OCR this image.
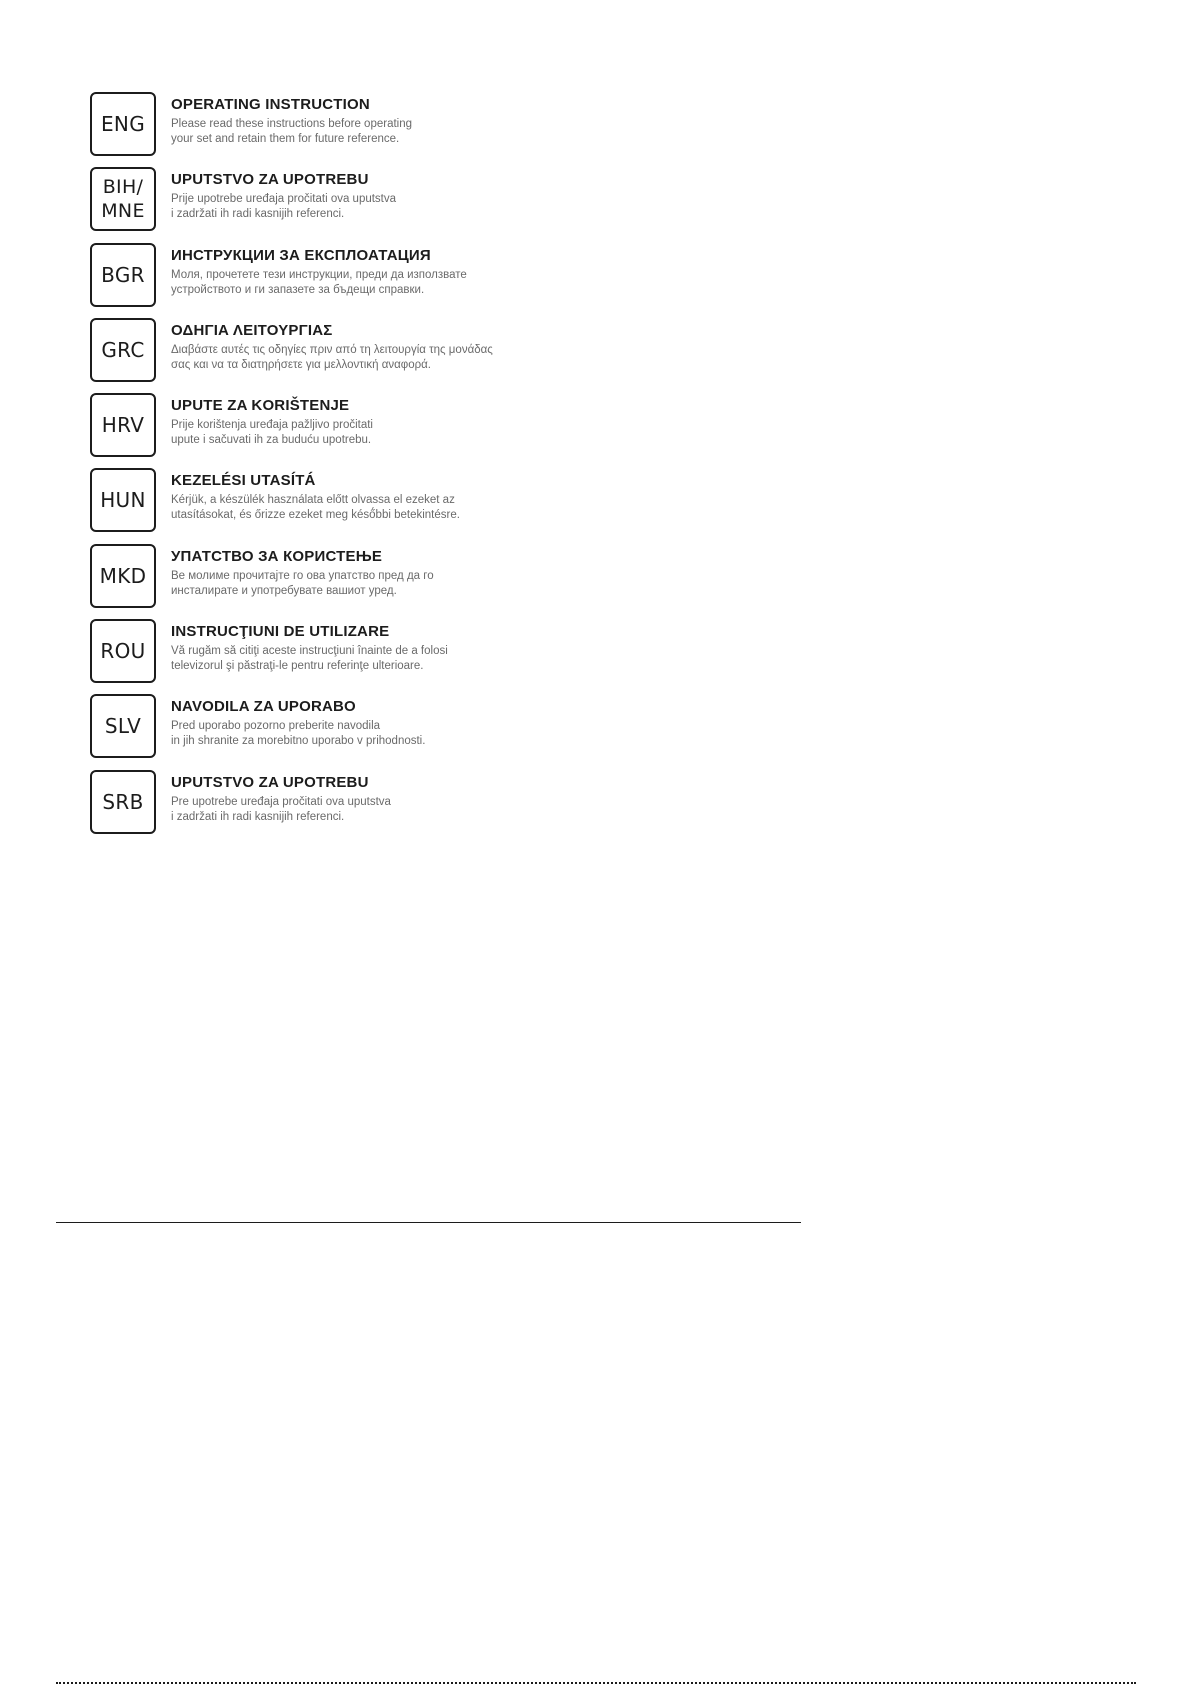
ENG
OPERATING INSTRUCTION
Please read these instructions before operating
your set and retain them for future reference.
BIH/
MNE
UPUTSTVO ZA UPOTREBU
Prije upotrebe uređaja pročitati ova uputstva
i zadržati ih radi kasnijih referenci.
BGR
ИНСТРУКЦИИ ЗА ЕКСПЛОАТАЦИЯ
Моля, прочетете тези инструкции, преди да използвате
устройството и ги запазете за бъдещи справки.
GRC
ΟΔΗΓΙΑ ΛΕΙΤΟΥΡΓΙΑΣ
Διαβάστε αυτές τις οδηγίες πριν από τη λειτουργία της μονάδας
σας και να τα διατηρήσετε για μελλοντική αναφορά.
HRV
UPUTE ZA KORIŠTENJE
Prije korištenja uređaja pažljivo pročitati
upute i sačuvati ih za buduću upotrebu.
HUN
KEZELÉSI UTASÍTÁ
Kérjük, a készülék használata előtt olvassa el ezeket az
utasításokat, és őrizze ezeket meg késő́bbi betekintésre.
MKD
УПАТСТВО ЗА КОРИСТЕЊЕ
Ве молиме прочитајте го ова упатство пред да го
инсталирате и употребувате вашиот уред.
ROU
INSTRUCŢIUNI DE UTILIZARE
Vă rugăm să citiţi aceste instrucţiuni înainte de a folosi
televizorul şi păstraţi-le pentru referinţe ulterioare.
SLV
NAVODILA ZA UPORABO
Pred uporabo pozorno preberite navodila
in jih shranite za morebitno uporabo v prihodnosti.
SRB
UPUTSTVO ZA UPOTREBU
Pre upotrebe uređaja pročitati ova uputstva
i zadržati ih radi kasnijih referenci.
